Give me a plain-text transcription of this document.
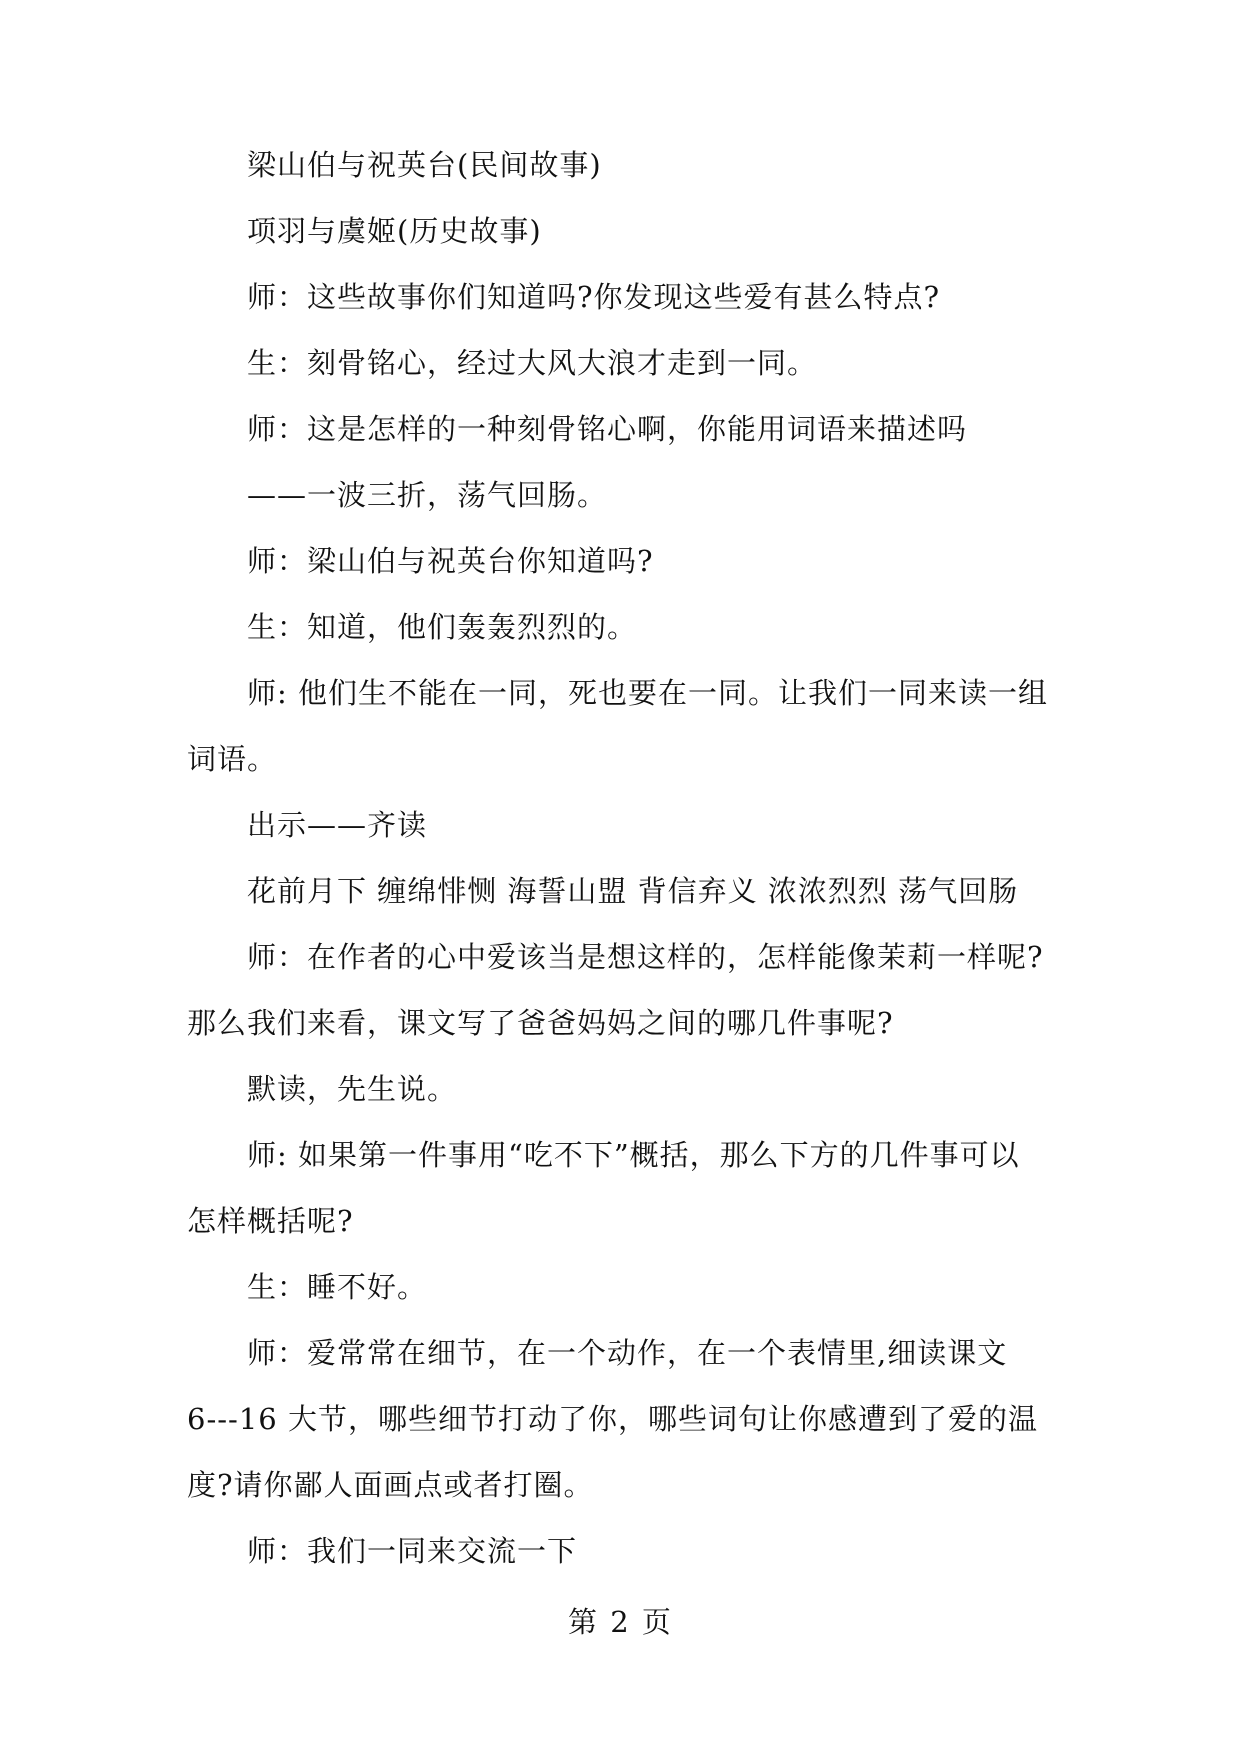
梁山伯与祝英台(民间故事)
项羽与虞姬(历史故事)
师：这些故事你们知道吗?你发现这些爱有甚么特点?
生：刻骨铭心，经过大风大浪才走到一同。
师：这是怎样的一种刻骨铭心啊，你能用词语来描述吗
——一波三折，荡气回肠。
师：梁山伯与祝英台你知道吗?
生：知道，他们轰轰烈烈的。
师: 他们生不能在一同，死也要在一同。让我们一同来读一组
词语。
出示——齐读
花前月下 缠绵悱恻 海誓山盟 背信弃义 浓浓烈烈 荡气回肠
师：在作者的心中爱该当是想这样的，怎样能像茉莉一样呢?
那么我们来看，课文写了爸爸妈妈之间的哪几件事呢?
默读，先生说。
师: 如果第一件事用“吃不下”概括，那么下方的几件事可以
怎样概括呢?
生：睡不好。
师：爱常常在细节，在一个动作，在一个表情里,细读课文
6---16 大节，哪些细节打动了你，哪些词句让你感遭到了爱的温
度?请你鄙人面画点或者打圈。
师：我们一同来交流一下
第 2 页
